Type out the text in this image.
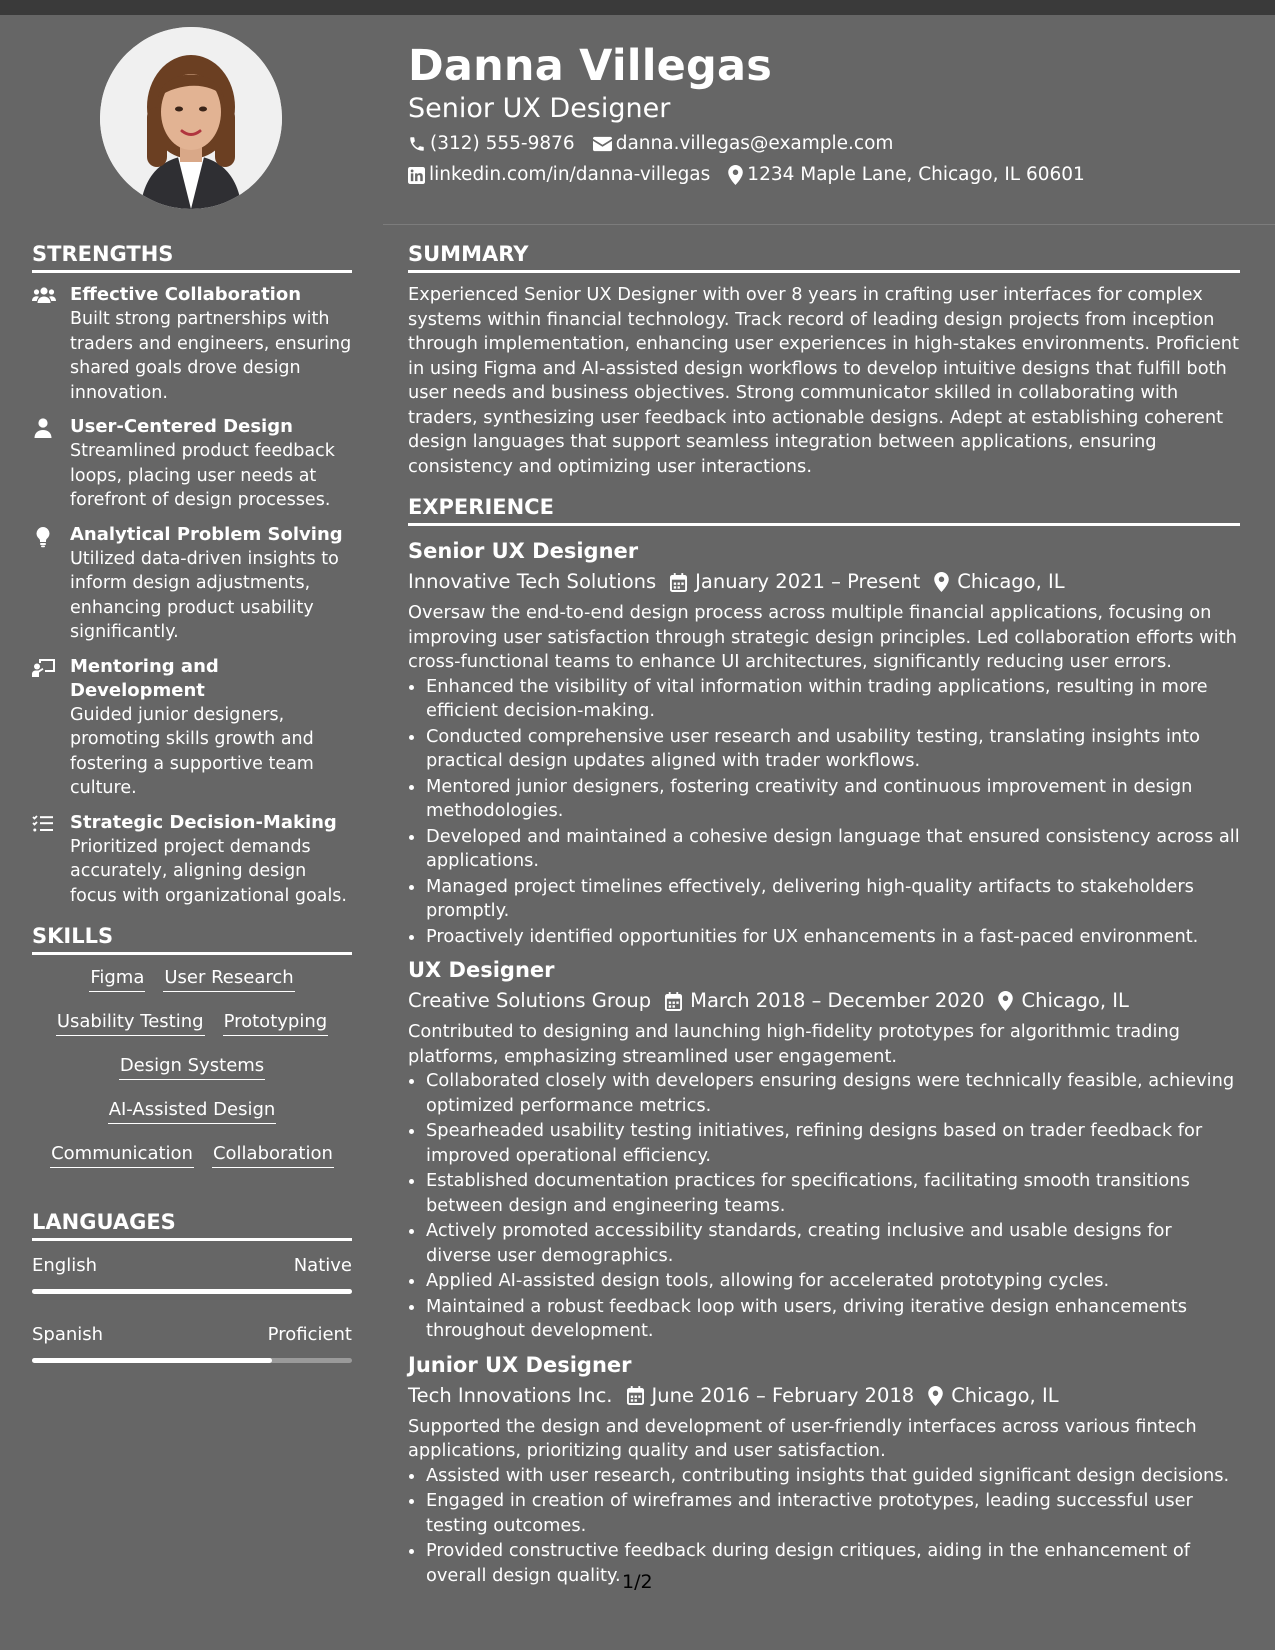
Danna Villegas
Senior UX Designer
(312) 555-9876 danna.villegas@example.com
linkedin.com/in/danna-villegas 1234 Maple Lane, Chicago, IL 60601
STRENGTHS
Effective Collaboration
Built strong partnerships with traders and engineers, ensuring shared goals drove design innovation.
User-Centered Design
Streamlined product feedback loops, placing user needs at forefront of design processes.
Analytical Problem Solving
Utilized data-driven insights to inform design adjustments, enhancing product usability significantly.
Mentoring and Development
Guided junior designers, promoting skills growth and fostering a supportive team culture.
Strategic Decision-Making
Prioritized project demands accurately, aligning design focus with organizational goals.
SKILLS
Figma User Research
Usability Testing Prototyping
Design Systems
AI-Assisted Design
Communication Collaboration
LANGUAGES
English	Native
Spanish	Proficient
SUMMARY
Experienced Senior UX Designer with over 8 years in crafting user interfaces for complex systems within financial technology. Track record of leading design projects from inception through implementation, enhancing user experiences in high-stakes environments. Proficient in using Figma and AI-assisted design workflows to develop intuitive designs that fulfill both user needs and business objectives. Strong communicator skilled in collaborating with traders, synthesizing user feedback into actionable designs. Adept at establishing coherent design languages that support seamless integration between applications, ensuring consistency and optimizing user interactions.
EXPERIENCE
Senior UX Designer
Innovative Tech Solutions January 2021 – Present Chicago, IL
Oversaw the end-to-end design process across multiple financial applications, focusing on improving user satisfaction through strategic design principles. Led collaboration efforts with cross-functional teams to enhance UI architectures, significantly reducing user errors.
• Enhanced the visibility of vital information within trading applications, resulting in more efficient decision-making.
• Conducted comprehensive user research and usability testing, translating insights into practical design updates aligned with trader workflows.
• Mentored junior designers, fostering creativity and continuous improvement in design methodologies.
• Developed and maintained a cohesive design language that ensured consistency across all applications.
• Managed project timelines effectively, delivering high-quality artifacts to stakeholders promptly.
• Proactively identified opportunities for UX enhancements in a fast-paced environment.
UX Designer
Creative Solutions Group March 2018 – December 2020 Chicago, IL
Contributed to designing and launching high-fidelity prototypes for algorithmic trading platforms, emphasizing streamlined user engagement.
• Collaborated closely with developers ensuring designs were technically feasible, achieving optimized performance metrics.
• Spearheaded usability testing initiatives, refining designs based on trader feedback for improved operational efficiency.
• Established documentation practices for specifications, facilitating smooth transitions between design and engineering teams.
• Actively promoted accessibility standards, creating inclusive and usable designs for diverse user demographics.
• Applied AI-assisted design tools, allowing for accelerated prototyping cycles.
• Maintained a robust feedback loop with users, driving iterative design enhancements throughout development.
Junior UX Designer
Tech Innovations Inc. June 2016 – February 2018 Chicago, IL
Supported the design and development of user-friendly interfaces across various fintech applications, prioritizing quality and user satisfaction.
• Assisted with user research, contributing insights that guided significant design decisions.
• Engaged in creation of wireframes and interactive prototypes, leading successful user testing outcomes.
• Provided constructive feedback during design critiques, aiding in the enhancement of overall design quality. 1/2
